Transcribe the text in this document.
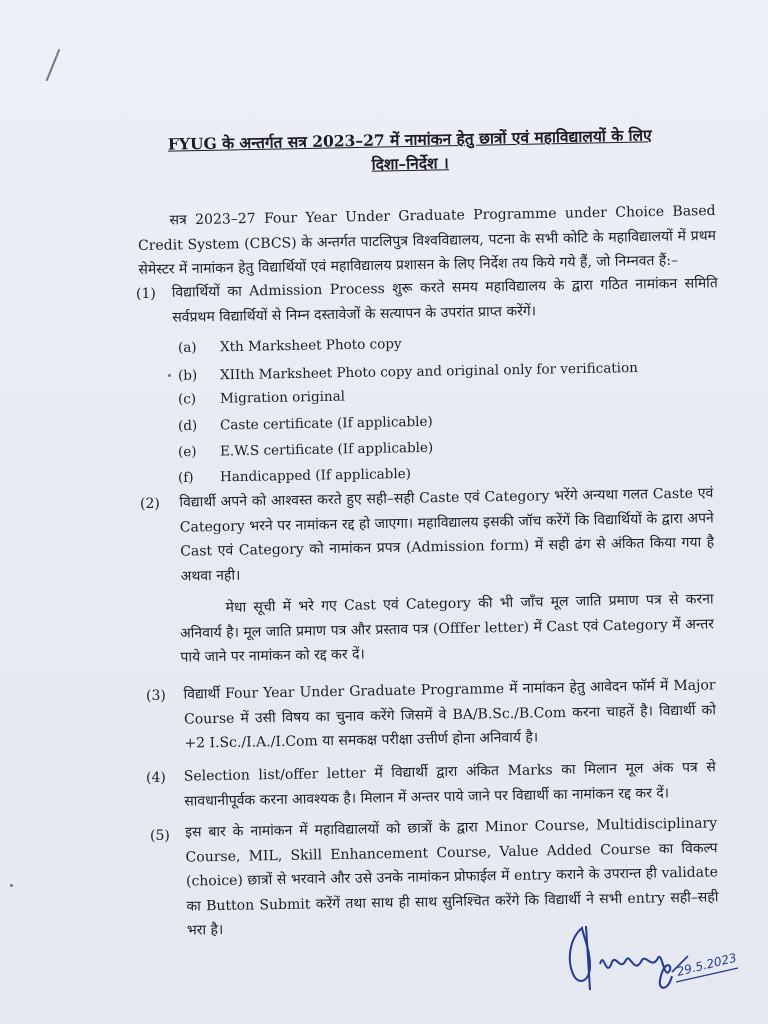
FYUG के अन्तर्गत सत्र 2023–27 में नामांकन हेतु छात्रों एवं महाविद्यालयों के लिए
दिशा–निर्देश ।
सत्र 2023–27 Four Year Under Graduate Programme under Choice Based Credit System (CBCS) के अन्तर्गत पाटलिपुत्र विश्वविद्यालय, पटना के सभी कोटि के महाविद्यालयों में प्रथम सेमेस्टर में नामांकन हेतु विद्यार्थियों एवं महाविद्यालय प्रशासन के लिए निर्देश तय किये गये हैं, जो निम्नवत हैं:–
(1) विद्यार्थियों का Admission Process शुरू करते समय महाविद्यालय के द्वारा गठित नामांकन समिति सर्वप्रथम विद्यार्थियों से निम्न दस्तावेजों के सत्यापन के उपरांत प्राप्त करेंगें।
(a) Xth Marksheet Photo copy
(b) XIIth Marksheet Photo copy and original only for verification
(c) Migration original
(d) Caste certificate (If applicable)
(e) E.W.S certificate (If applicable)
(f) Handicapped (If applicable)
(2) विद्यार्थी अपने को आश्वस्त करते हुए सही–सही Caste एवं Category भरेंगे अन्यथा गलत Caste एवं Category भरने पर नामांकन रद्द हो जाएगा। महाविद्यालय इसकी जॉच करेंगें कि विद्यार्थियों के द्वारा अपने Cast एवं Category को नामांकन प्रपत्र (Admission form) में सही ढंग से अंकित किया गया है अथवा नही।
मेधा सूची में भरे गए Cast एवं Category की भी जाँच मूल जाति प्रमाण पत्र से करना अनिवार्य है। मूल जाति प्रमाण पत्र और प्रस्ताव पत्र (Offfer letter) में Cast एवं Category में अन्तर पाये जाने पर नामांकन को रद्द कर दें।
(3) विद्यार्थी Four Year Under Graduate Programme में नामांकन हेतु आवेदन फॉर्म में Major Course में उसी विषय का चुनाव करेंगे जिसमें वे BA/B.Sc./B.Com करना चाहतें है। विद्यार्थी को +2 I.Sc./I.A./I.Com या समकक्ष परीक्षा उत्तीर्ण होना अनिवार्य है।
(4) Selection list/offer letter में विद्यार्थी द्वारा अंकित Marks का मिलान मूल अंक पत्र से सावधानीपूर्वक करना आवश्यक है। मिलान में अन्तर पाये जाने पर विद्यार्थी का नामांकन रद्द कर दें।
(5) इस बार के नामांकन में महाविद्यालयों को छात्रों के द्वारा Minor Course, Multidisciplinary Course, MIL, Skill Enhancement Course, Value Added Course का विकल्प (choice) छात्रों से भरवाने और उसे उनके नामांकन प्रोफाईल में entry कराने के उपरान्त ही validate का Button Submit करेंगें तथा साथ ही साथ सुनिश्चित करेंगे कि विद्यार्थी ने सभी entry सही–सही भरा है।
29.5.2023
